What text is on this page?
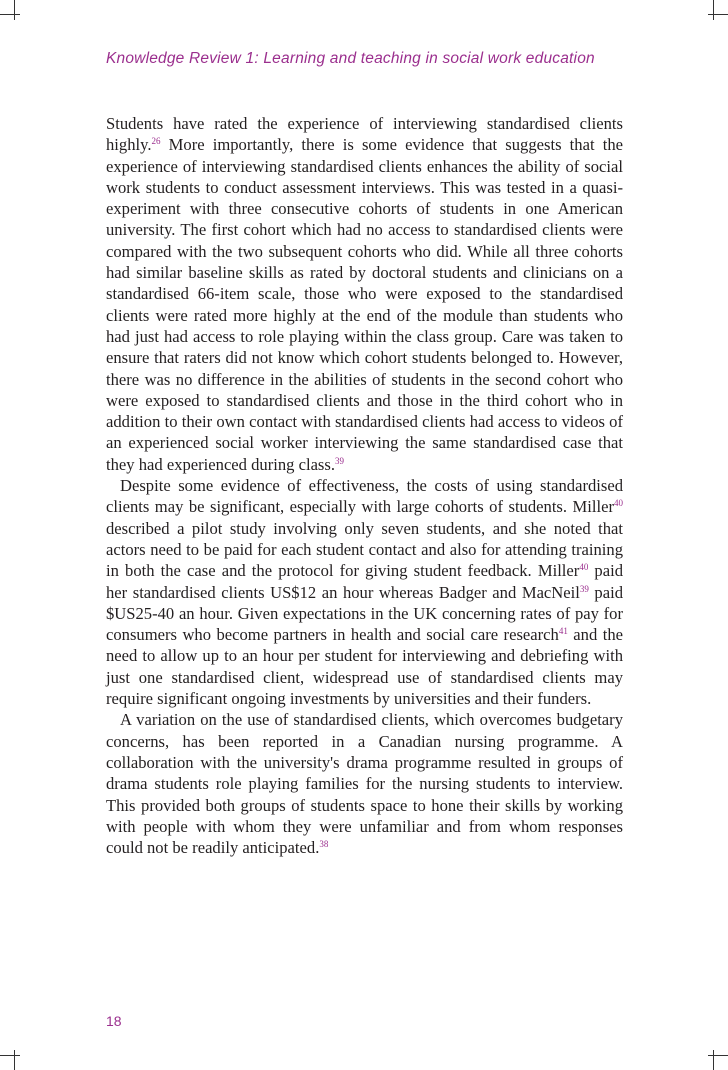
Knowledge Review 1: Learning and teaching in social work education

Students have rated the experience of interviewing standardised clients highly.$^{26}$ More importantly, there is some evidence that suggests that the experience of interviewing standardised clients enhances the ability of social work students to conduct assessment interviews. This was tested in a quasi-experiment with three consecutive cohorts of students in one American university. The first cohort which had no access to standardised clients were compared with the two subsequent cohorts who did. While all three cohorts had similar baseline skills as rated by doctoral students and clinicians on a standardised 66-item scale, those who were exposed to the standardised clients were rated more highly at the end of the module than students who had just had access to role playing within the class group. Care was taken to ensure that raters did not know which cohort students belonged to. However, there was no difference in the abilities of students in the second cohort who were exposed to standardised clients and those in the third cohort who in addition to their own contact with standardised clients had access to videos of an experienced social worker interviewing the same standardised case that they had experienced during class.$^{39}$

Despite some evidence of effectiveness, the costs of using standardised clients may be significant, especially with large cohorts of students. Miller$^{40}$ described a pilot study involving only seven students, and she noted that actors need to be paid for each student contact and also for attending training in both the case and the protocol for giving student feedback. Miller$^{40}$ paid her standardised clients US$12 an hour whereas Badger and MacNeil$^{39}$ paid $US25-40 an hour. Given expectations in the UK concerning rates of pay for consumers who become partners in health and social care research$^{41}$ and the need to allow up to an hour per student for interviewing and debriefing with just one standardised client, widespread use of standardised clients may require significant ongoing investments by universities and their funders.

A variation on the use of standardised clients, which overcomes budgetary concerns, has been reported in a Canadian nursing programme. A collaboration with the university's drama programme resulted in groups of drama students role playing families for the nursing students to interview. This provided both groups of students space to hone their skills by working with people with whom they were unfamiliar and from whom responses could not be readily anticipated.$^{38}$

18
